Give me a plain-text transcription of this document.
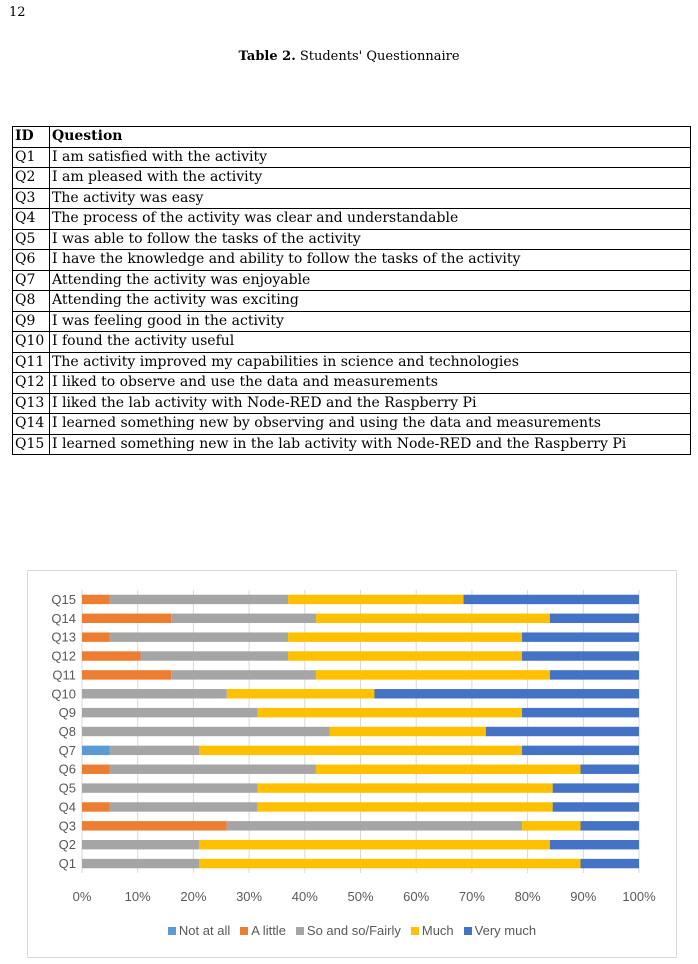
12
Table 2. Students' Questionnaire
ID	Question
Q1	I am satisfied with the activity
Q2	I am pleased with the activity
Q3	The activity was easy
Q4	The process of the activity was clear and understandable
Q5	I was able to follow the tasks of the activity
Q6	I have the knowledge and ability to follow the tasks of the activity
Q7	Attending the activity was enjoyable
Q8	Attending the activity was exciting
Q9	I was feeling good in the activity
Q10	I found the activity useful
Q11	The activity improved my capabilities in science and technologies
Q12	I liked to observe and use the data and measurements
Q13	I liked the lab activity with Node-RED and the Raspberry Pi
Q14	I learned something new by observing and using the data and measurements
Q15	I learned something new in the lab activity with Node-RED and the Raspberry Pi
0%	10% 20% 30% 40% 50% 60% 70% 80% 90% 100%
Q15
Q14
Q13
Q12
Q11
Q10
Q9
Q8
Q7
Q6
Q5
Q4
Q3
Q2
Q1
Not at all A little So and so/Fairly Much Very much
